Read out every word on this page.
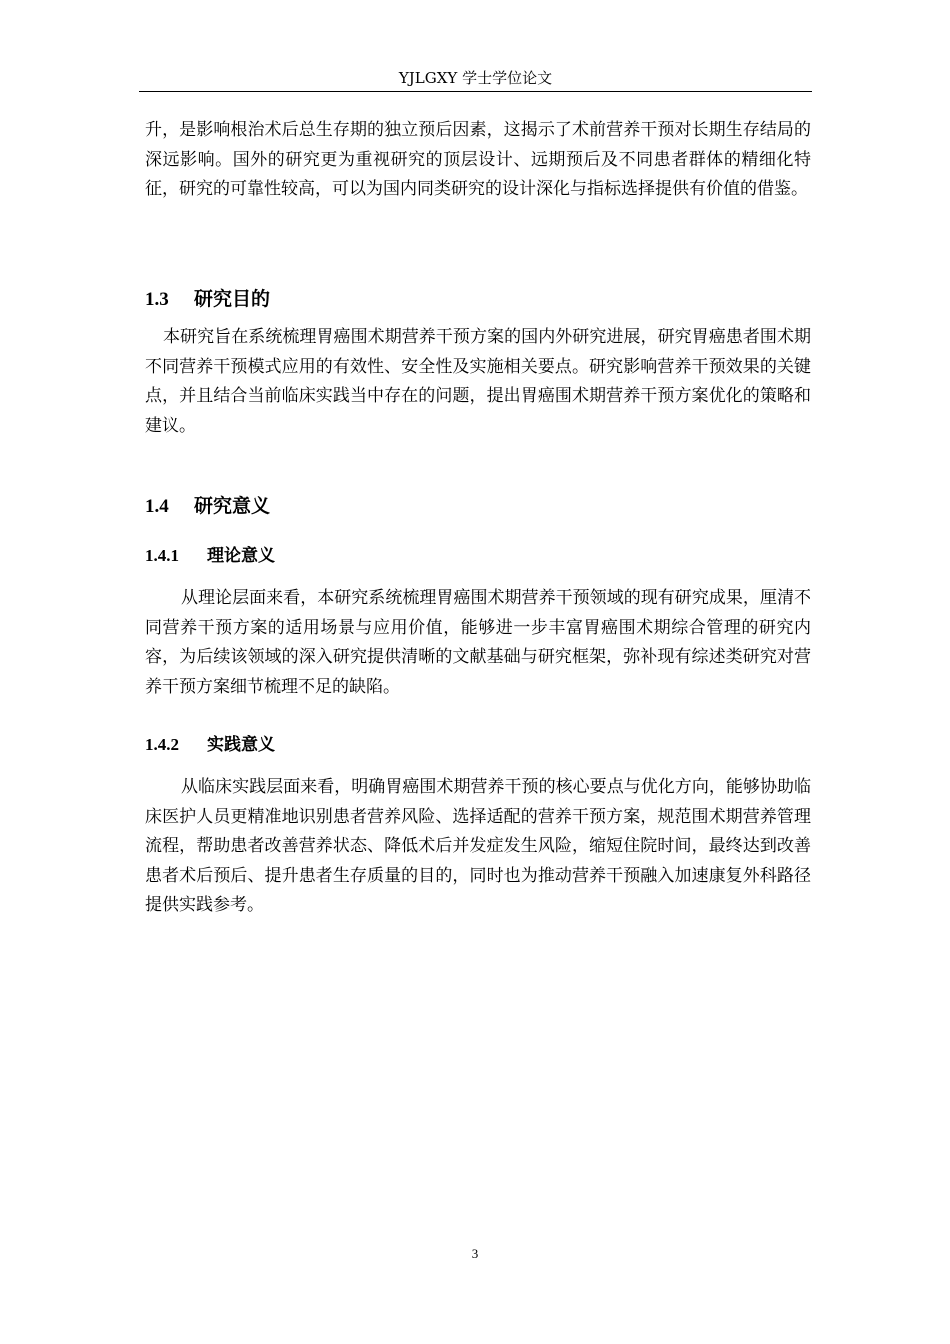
YJLGXY 学士学位论文

升，是影响根治术后总生存期的独立预后因素，这揭示了术前营养干预对长期生存结局的深远影响。国外的研究更为重视研究的顶层设计、远期预后及不同患者群体的精细化特征，研究的可靠性较高，可以为国内同类研究的设计深化与指标选择提供有价值的借鉴。

1.3 研究目的

本研究旨在系统梳理胃癌围术期营养干预方案的国内外研究进展，研究胃癌患者围术期不同营养干预模式应用的有效性、安全性及实施相关要点。研究影响营养干预效果的关键点，并且结合当前临床实践当中存在的问题，提出胃癌围术期营养干预方案优化的策略和建议。

1.4 研究意义
1.4.1 理论意义

从理论层面来看，本研究系统梳理胃癌围术期营养干预领域的现有研究成果，厘清不同营养干预方案的适用场景与应用价值，能够进一步丰富胃癌围术期综合管理的研究内容，为后续该领域的深入研究提供清晰的文献基础与研究框架，弥补现有综述类研究对营养干预方案细节梳理不足的缺陷。

1.4.2 实践意义

从临床实践层面来看，明确胃癌围术期营养干预的核心要点与优化方向，能够协助临床医护人员更精准地识别患者营养风险、选择适配的营养干预方案，规范围术期营养管理流程，帮助患者改善营养状态、降低术后并发症发生风险，缩短住院时间，最终达到改善患者术后预后、提升患者生存质量的目的，同时也为推动营养干预融入加速康复外科路径提供实践参考。

3
